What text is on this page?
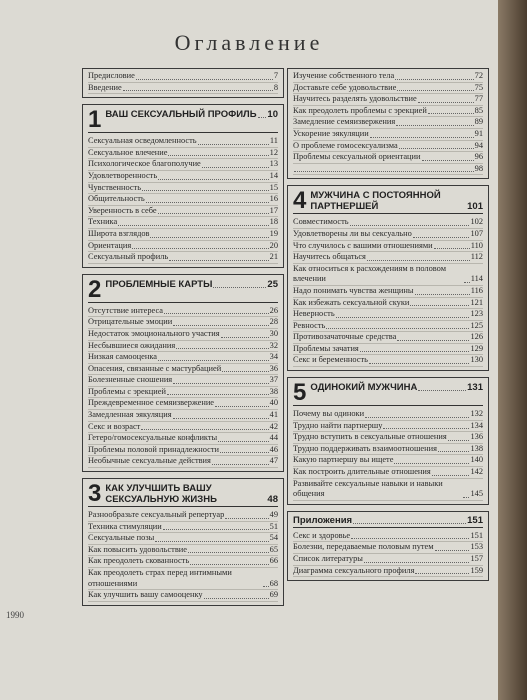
Оглавление
Предисловие	7
Введение	8
1 ВАШ СЕКСУАЛЬНЫЙ ПРОФИЛЬ 10
Сексуальная осведомленность	11
Сексуальное влечение	12
Психологическое благополучие	13
Удовлетворенность	14
Чувственность	15
Общительность	16
Уверенность в себе	17
Техника	18
Широта взглядов	19
Ориентация	20
Сексуальный профиль	21
2 ПРОБЛЕМНЫЕ КАРТЫ	25
Отсутствие интереса	26
Отрицательные эмоции	28
Недостаток эмоционального участия	30
Несбывшиеся ожидания	32
Низкая самооценка	34
Опасения, связанные с мастурбацией	36
Болезненные сношения	37
Проблемы с эрекцией	38
Преждевременное семяизвержение	40
Замедленная эякуляция	41
Секс и возраст	42
Гетеро/гомосексуальные конфликты	44
Проблемы половой принадлежности	46
Необычные сексуальные действия	47
3 КАК УЛУЧШИТЬ ВАШУ СЕКСУАЛЬНУЮ ЖИЗНЬ	48
Разнообразьте сексуальный репертуар	49
Техника стимуляции	51
Сексуальные позы	54
Как повысить удовольствие	65
Как преодолеть скованность	66
Как преодолеть страх перед интимными отношениями	68
Как улучшить вашу самооценку	69
Изучение собственного тела	72
Доставьте себе удовольствие	75
Научитесь разделять удовольствие	77
Как преодолеть проблемы с эрекцией	85
Замедление семяизвержения	89
Ускорение эякуляции	91
О проблеме гомосексуализма	94
Проблемы сексуальной ориентации	96
98
4 МУЖЧИНА С ПОСТОЯННОЙ ПАРТНЕРШЕЙ	101
Совместимость	102
Удовлетворены ли вы сексуально	107
Что случилось с вашими отношениями	110
Научитесь общаться	112
Как относиться к расхождениям в половом влечении	114
Надо понимать чувства женщины	116
Как избежать сексуальной скуки	121
Неверность	123
Ревность	125
Противозачаточные средства	126
Проблемы зачатия	129
Секс и беременность	130
5 ОДИНОКИЙ МУЖЧИНА	131
Почему вы одиноки	132
Трудно найти партнершу	134
Трудно вступить в сексуальные отношения	136
Трудно поддерживать взаимоотношения	138
Какую партнершу вы ищете	140
Как построить длительные отношения	142
Развивайте сексуальные навыки и навыки общения	145
Приложения	151
Секс и здоровье	151
Болезни, передаваемые половым путем	153
Список литературы	157
Диаграмма сексуального профиля	159
1990
